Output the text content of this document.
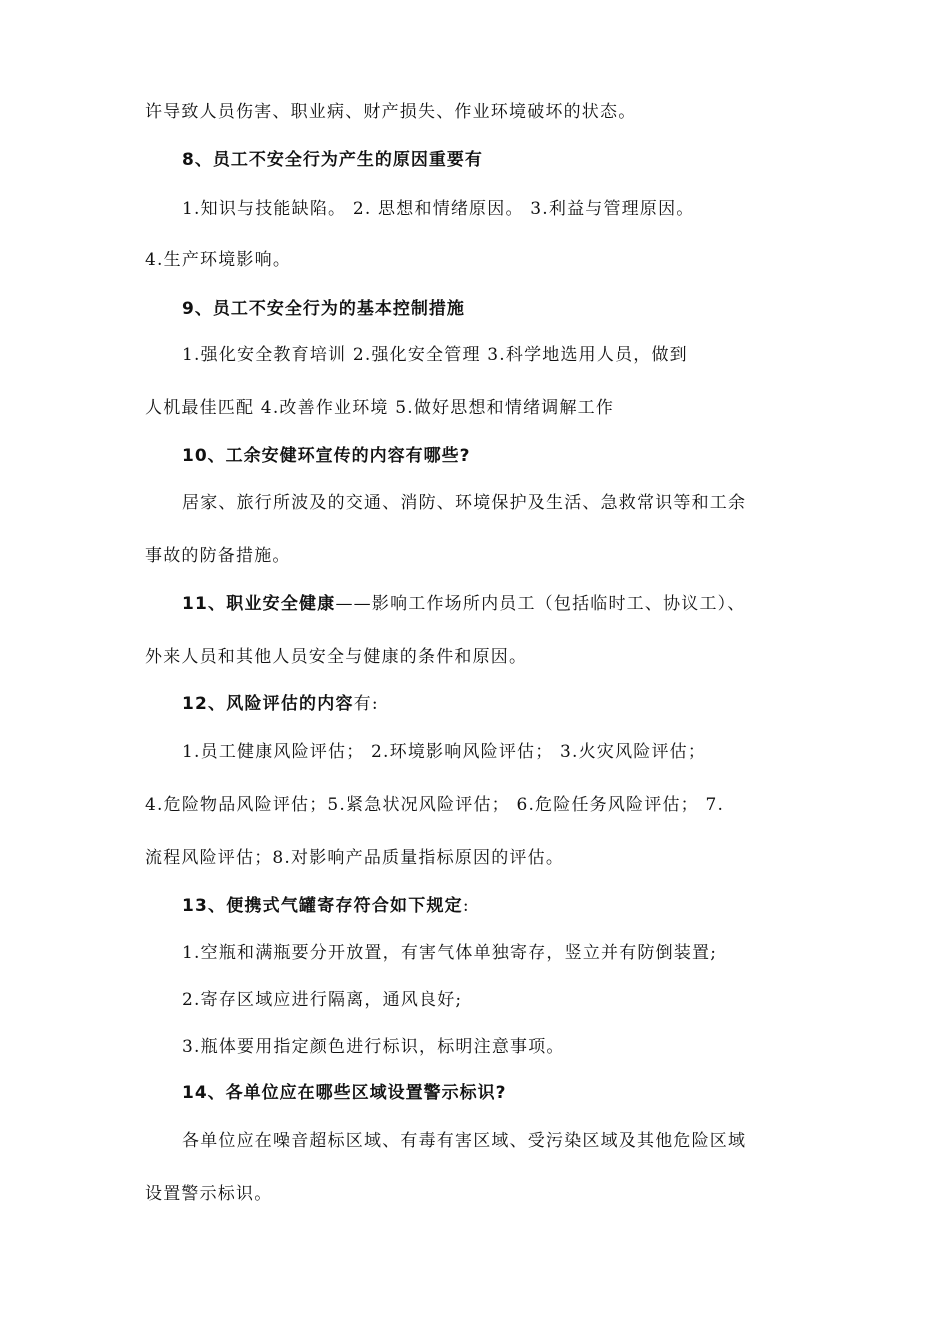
许导致人员伤害、职业病、财产损失、作业环境破坏的状态。
8、员工不安全行为产生的原因重要有
1.知识与技能缺陷。 2. 思想和情绪原因。 3.利益与管理原因。
4.生产环境影响。
9、员工不安全行为的基本控制措施
1.强化安全教育培训 2.强化安全管理 3.科学地选用人员，做到
人机最佳匹配 4.改善作业环境 5.做好思想和情绪调解工作
10、工余安健环宣传的内容有哪些?
居家、旅行所波及的交通、消防、环境保护及生活、急救常识等和工余
事故的防备措施。
11、职业安全健康——影响工作场所内员工（包括临时工、协议工）、
外来人员和其他人员安全与健康的条件和原因。
12、风险评估的内容有:
1.员工健康风险评估； 2.环境影响风险评估； 3.火灾风险评估；
4.危险物品风险评估；5.紧急状况风险评估； 6.危险任务风险评估； 7.
流程风险评估；8.对影响产品质量指标原因的评估。
13、便携式气罐寄存符合如下规定:
1.空瓶和满瓶要分开放置，有害气体单独寄存，竖立并有防倒装置;
2.寄存区域应进行隔离，通风良好;
3.瓶体要用指定颜色进行标识，标明注意事项。
14、各单位应在哪些区域设置警示标识?
各单位应在噪音超标区域、有毒有害区域、受污染区域及其他危险区域
设置警示标识。
